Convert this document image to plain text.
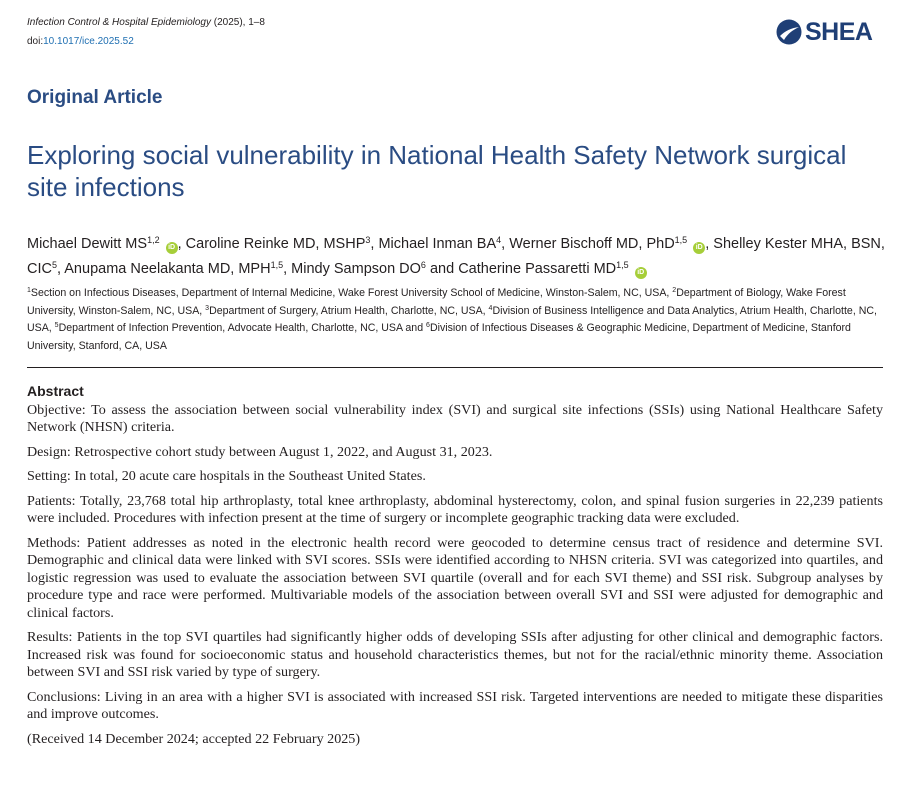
Infection Control & Hospital Epidemiology (2025), 1–8
doi:10.1017/ice.2025.52	SHEA
Original Article
Exploring social vulnerability in National Health Safety Network surgical site infections
Michael Dewitt MS$^{1,2}$ iD , Caroline Reinke MD, MSHP$^3$, Michael Inman $BA^4$, Werner Bischoff MD, PhD$^{1,5}$ iD , Shelley Kester MHA, BSN, CIC$^5$, Anupama Neelakanta MD, MPH$^{1,5}$, Mindy Sampson $DO^6$ and Catherine Passaretti MD$^{1,5}$ iD
$^1$Section on Infectious Diseases, Department of Internal Medicine, Wake Forest University School of Medicine, Winston-Salem, NC, USA, $^2$Department of Biology, Wake Forest University, Winston-Salem, NC, USA, $^3$Department of Surgery, Atrium Health, Charlotte, NC, USA, $^4$Division of Business Intelligence and Data Analytics, Atrium Health, Charlotte, NC, USA, $^5$Department of Infection Prevention, Advocate Health, Charlotte, NC, USA and $^6$Division of Infectious Diseases & Geographic Medicine, Department of Medicine, Stanford University, Stanford, CA, USA
Abstract

Objective: To assess the association between social vulnerability index (SVI) and surgical site infections (SSIs) using National Healthcare Safety Network (NHSN) criteria.

Design: Retrospective cohort study between August 1, 2022, and August 31, 2023.

Setting: In total, 20 acute care hospitals in the Southeast United States.

Patients: Totally, 23,768 total hip arthroplasty, total knee arthroplasty, abdominal hysterectomy, colon, and spinal fusion surgeries in 22,239 patients were included. Procedures with infection present at the time of surgery or incomplete geographic tracking data were excluded.

Methods: Patient addresses as noted in the electronic health record were geocoded to determine census tract of residence and determine SVI. Demographic and clinical data were linked with SVI scores. SSIs were identified according to NHSN criteria. SVI was categorized into quartiles, and logistic regression was used to evaluate the association between SVI quartile (overall and for each SVI theme) and SSI risk. Subgroup analyses by procedure type and race were performed. Multivariable models of the association between overall SVI and SSI were adjusted for demographic and clinical factors.

Results: Patients in the top SVI quartiles had significantly higher odds of developing SSIs after adjusting for other clinical and demographic factors. Increased risk was found for socioeconomic status and household characteristics themes, but not for the racial/ethnic minority theme. Association between SVI and SSI risk varied by type of surgery.

Conclusions: Living in an area with a higher SVI is associated with increased SSI risk. Targeted interventions are needed to mitigate these disparities and improve outcomes.

(Received 14 December 2024; accepted 22 February 2025)
